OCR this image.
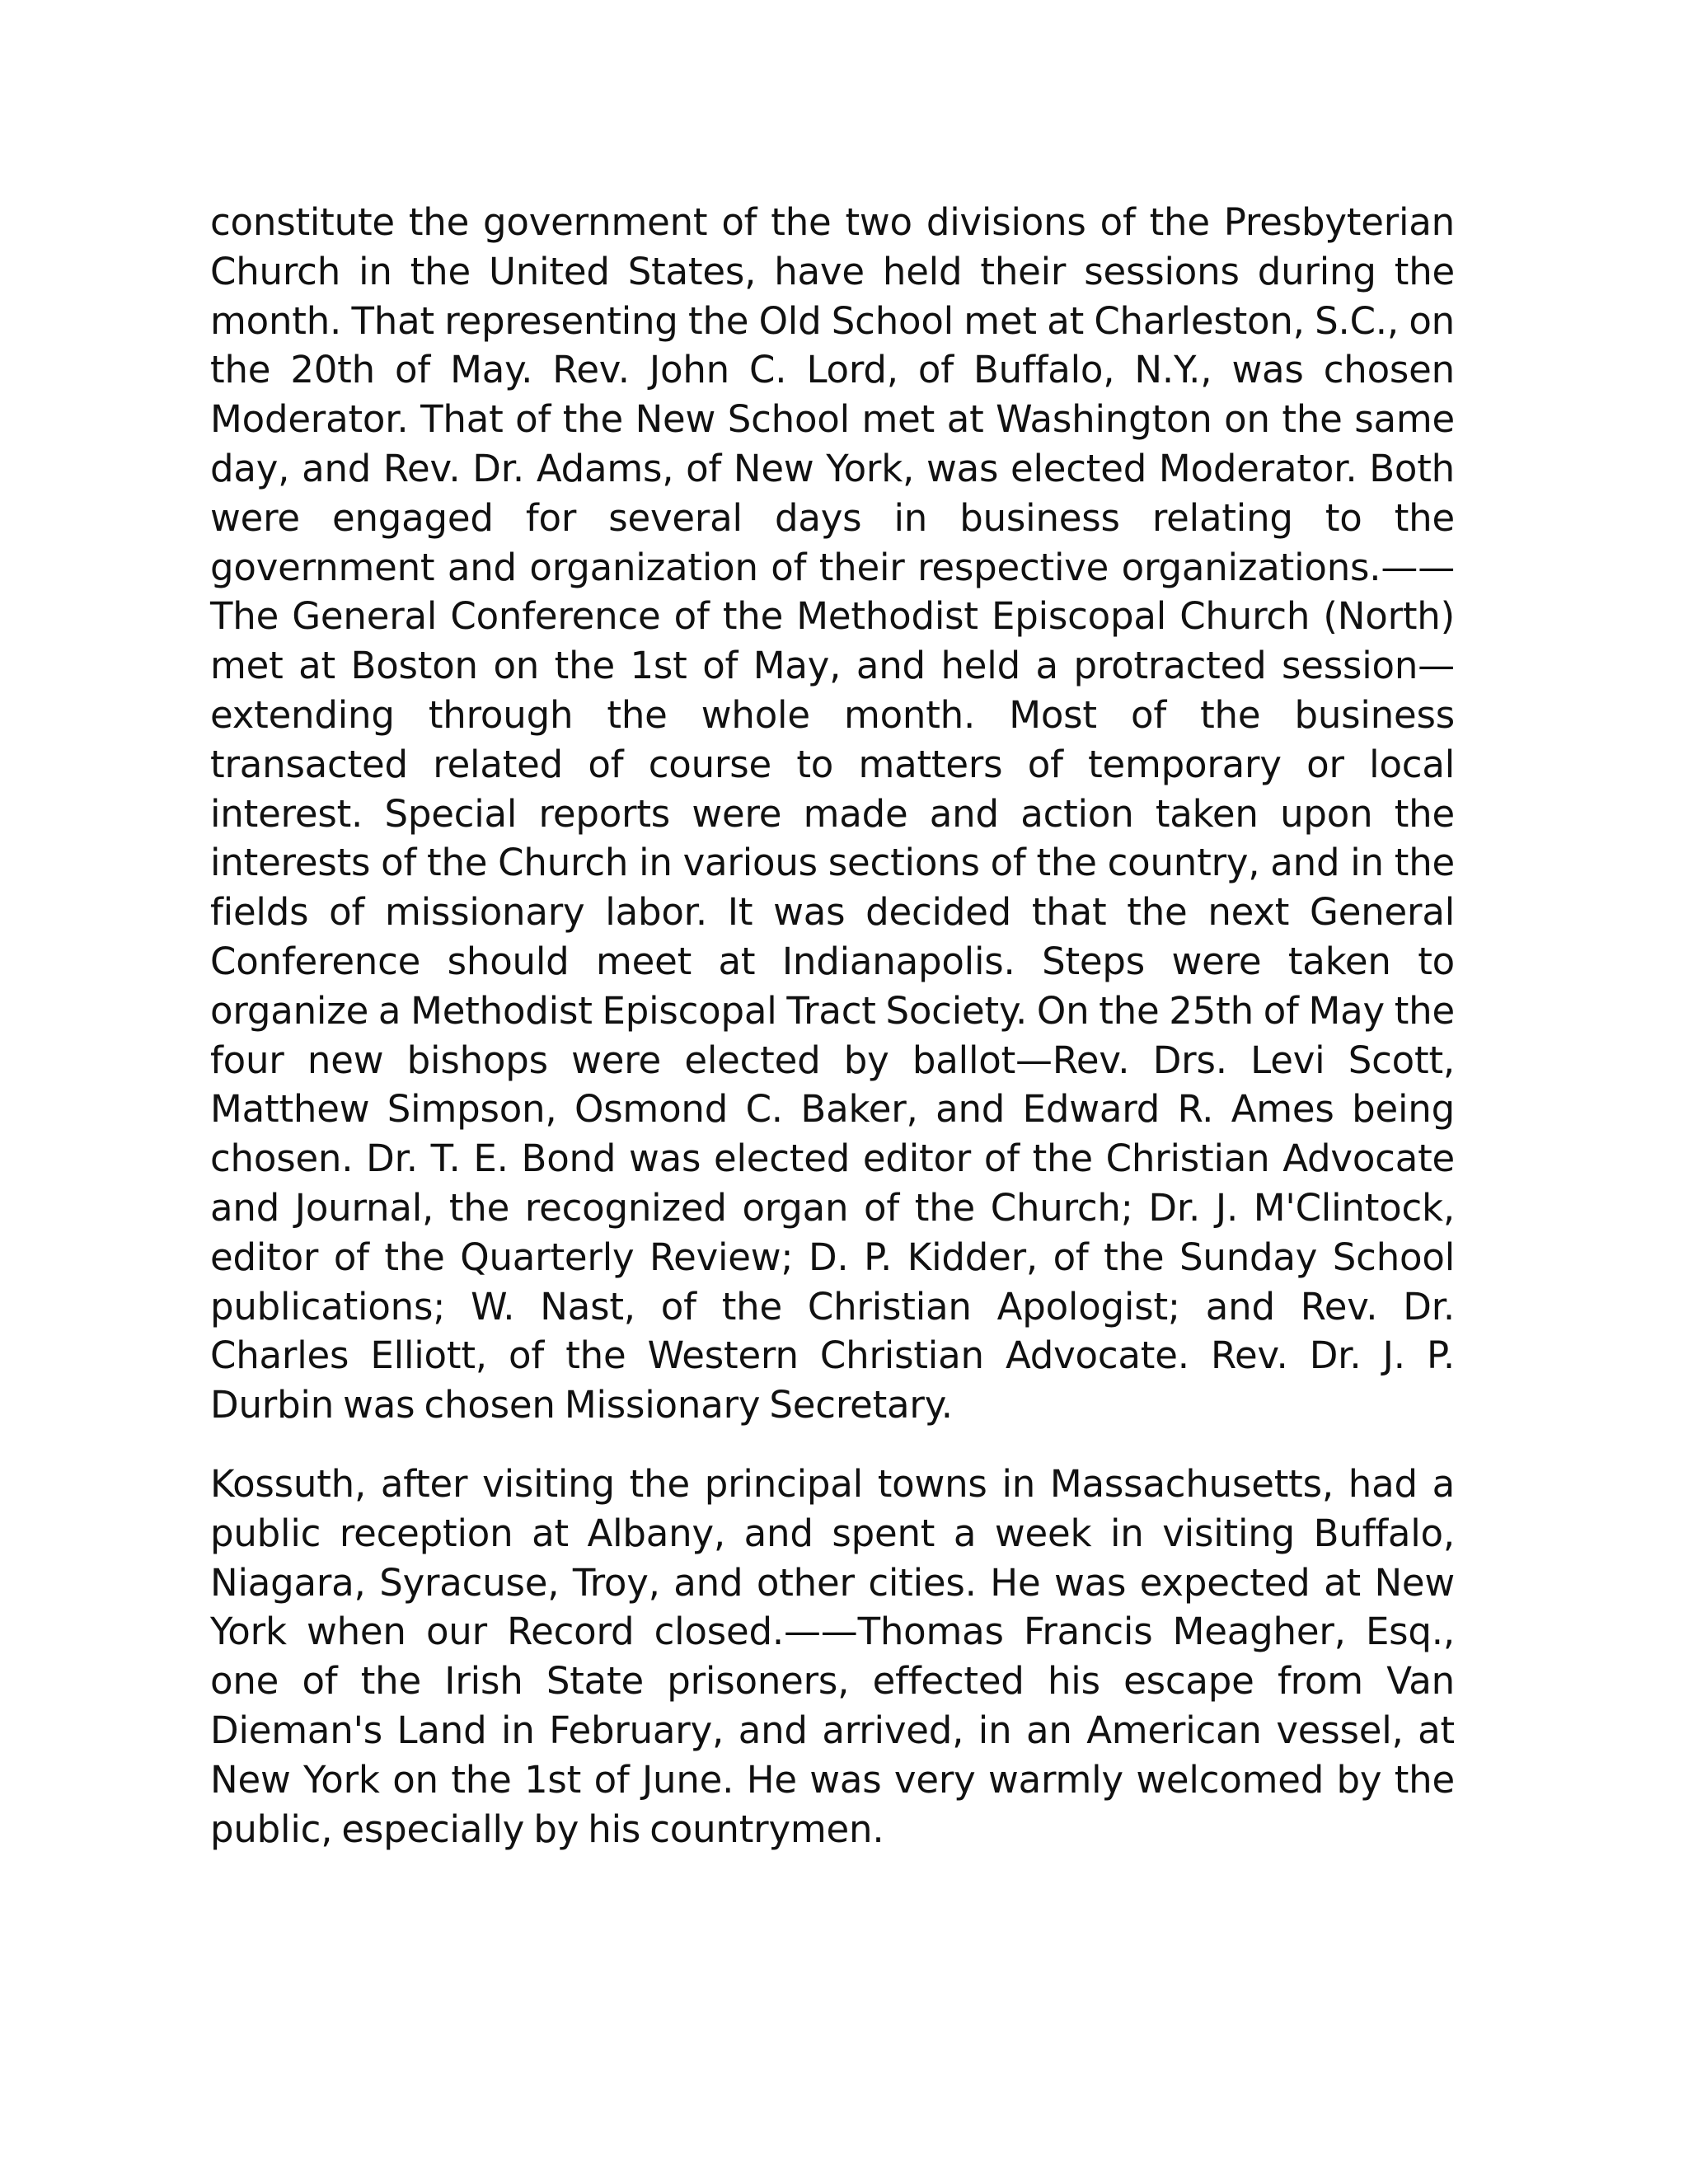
constitute the government of the two divisions of the Presbyterian Church in the United States, have held their sessions during the month. That representing the Old School met at Charleston, S.C., on the 20th of May. Rev. John C. Lord, of Buffalo, N.Y., was chosen Moderator. That of the New School met at Washington on the same day, and Rev. Dr. Adams, of New York, was elected Moderator. Both were engaged for several days in business relating to the government and organization of their respective organizations.—— The General Conference of the Methodist Episcopal Church (North) met at Boston on the 1st of May, and held a protracted session—extending through the whole month. Most of the business transacted related of course to matters of temporary or local interest. Special reports were made and action taken upon the interests of the Church in various sections of the country, and in the fields of missionary labor. It was decided that the next General Conference should meet at Indianapolis. Steps were taken to organize a Methodist Episcopal Tract Society. On the 25th of May the four new bishops were elected by ballot—Rev. Drs. Levi Scott, Matthew Simpson, Osmond C. Baker, and Edward R. Ames being chosen. Dr. T. E. Bond was elected editor of the Christian Advocate and Journal, the recognized organ of the Church; Dr. J. M'Clintock, editor of the Quarterly Review; D. P. Kidder, of the Sunday School publications; W. Nast, of the Christian Apologist; and Rev. Dr. Charles Elliott, of the Western Christian Advocate. Rev. Dr. J. P. Durbin was chosen Missionary Secretary.

Kossuth, after visiting the principal towns in Massachusetts, had a public reception at Albany, and spent a week in visiting Buffalo, Niagara, Syracuse, Troy, and other cities. He was expected at New York when our Record closed.——Thomas Francis Meagher, Esq., one of the Irish State prisoners, effected his escape from Van Dieman's Land in February, and arrived, in an American vessel, at New York on the 1st of June. He was very warmly welcomed by the public, especially by his countrymen.
